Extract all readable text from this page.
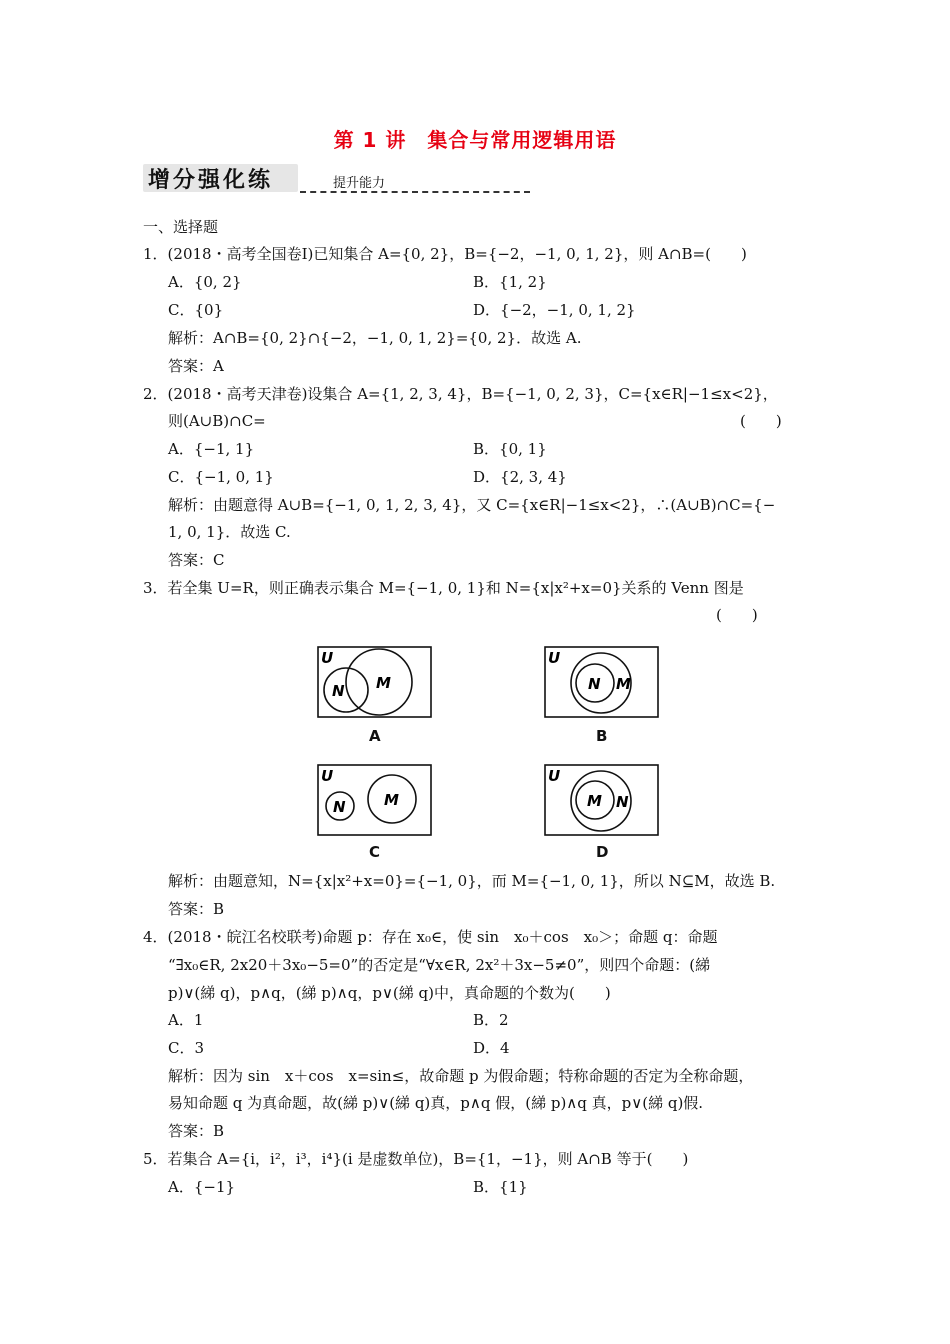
第 1 讲　集合与常用逻辑用语
增分强化练	提升能力
一、选择题
1．(2018・高考全国卷Ⅰ)已知集合 A={0, 2}，B={−2，−1, 0, 1, 2}，则 A∩B=(　　)
A．{0, 2}	B．{1, 2}
C．{0}	D．{−2，−1, 0, 1, 2}
解析：A∩B={0, 2}∩{−2，−1, 0, 1, 2}={0, 2}．故选 A.
答案：A
2．(2018・高考天津卷)设集合 A={1, 2, 3, 4}，B={−1, 0, 2, 3}，C={x∈R|−1≤x<2}，
则(A∪B)∩C=	(　　)
A．{−1, 1}	B．{0, 1}
C．{−1, 0, 1}	D．{2, 3, 4}
解析：由题意得 A∪B={−1, 0, 1, 2, 3, 4}，又 C={x∈R|−1≤x<2}，∴(A∪B)∩C={−
1, 0, 1}．故选 C.
答案：C
3．若全集 U=R，则正确表示集合 M={−1, 0, 1}和 N={x|x²+x=0}关系的 Venn 图是
(　　)
U
M
N
A
U
N M
B
U
N	M
C
U
M N
D
解析：由题意知，N={x|x²+x=0}={−1, 0}，而 M={−1, 0, 1}，所以 N⊆M，故选 B.
答案：B
4．(2018・皖江名校联考)命题 p：存在 x₀∈，使 sin　x₀＋cos　x₀＞；命题 q：命题
“∃x₀∈R, 2x20＋3x₀−5=0”的否定是“∀x∈R, 2x²＋3x−5≠0”，则四个命题：(綈
p)∨(綈 q)，p∧q，(綈 p)∧q，p∨(綈 q)中，真命题的个数为(　　)
A．1	B．2
C．3	D．4
解析：因为 sin　x＋cos　x=sin≤，故命题 p 为假命题；特称命题的否定为全称命题，
易知命题 q 为真命题，故(綈 p)∨(綈 q)真，p∧q 假，(綈 p)∧q 真，p∨(綈 q)假.
答案：B
5．若集合 A={i，i²，i³，i⁴}(i 是虚数单位)，B={1，−1}，则 A∩B 等于(　　)
A．{−1}	B．{1}
